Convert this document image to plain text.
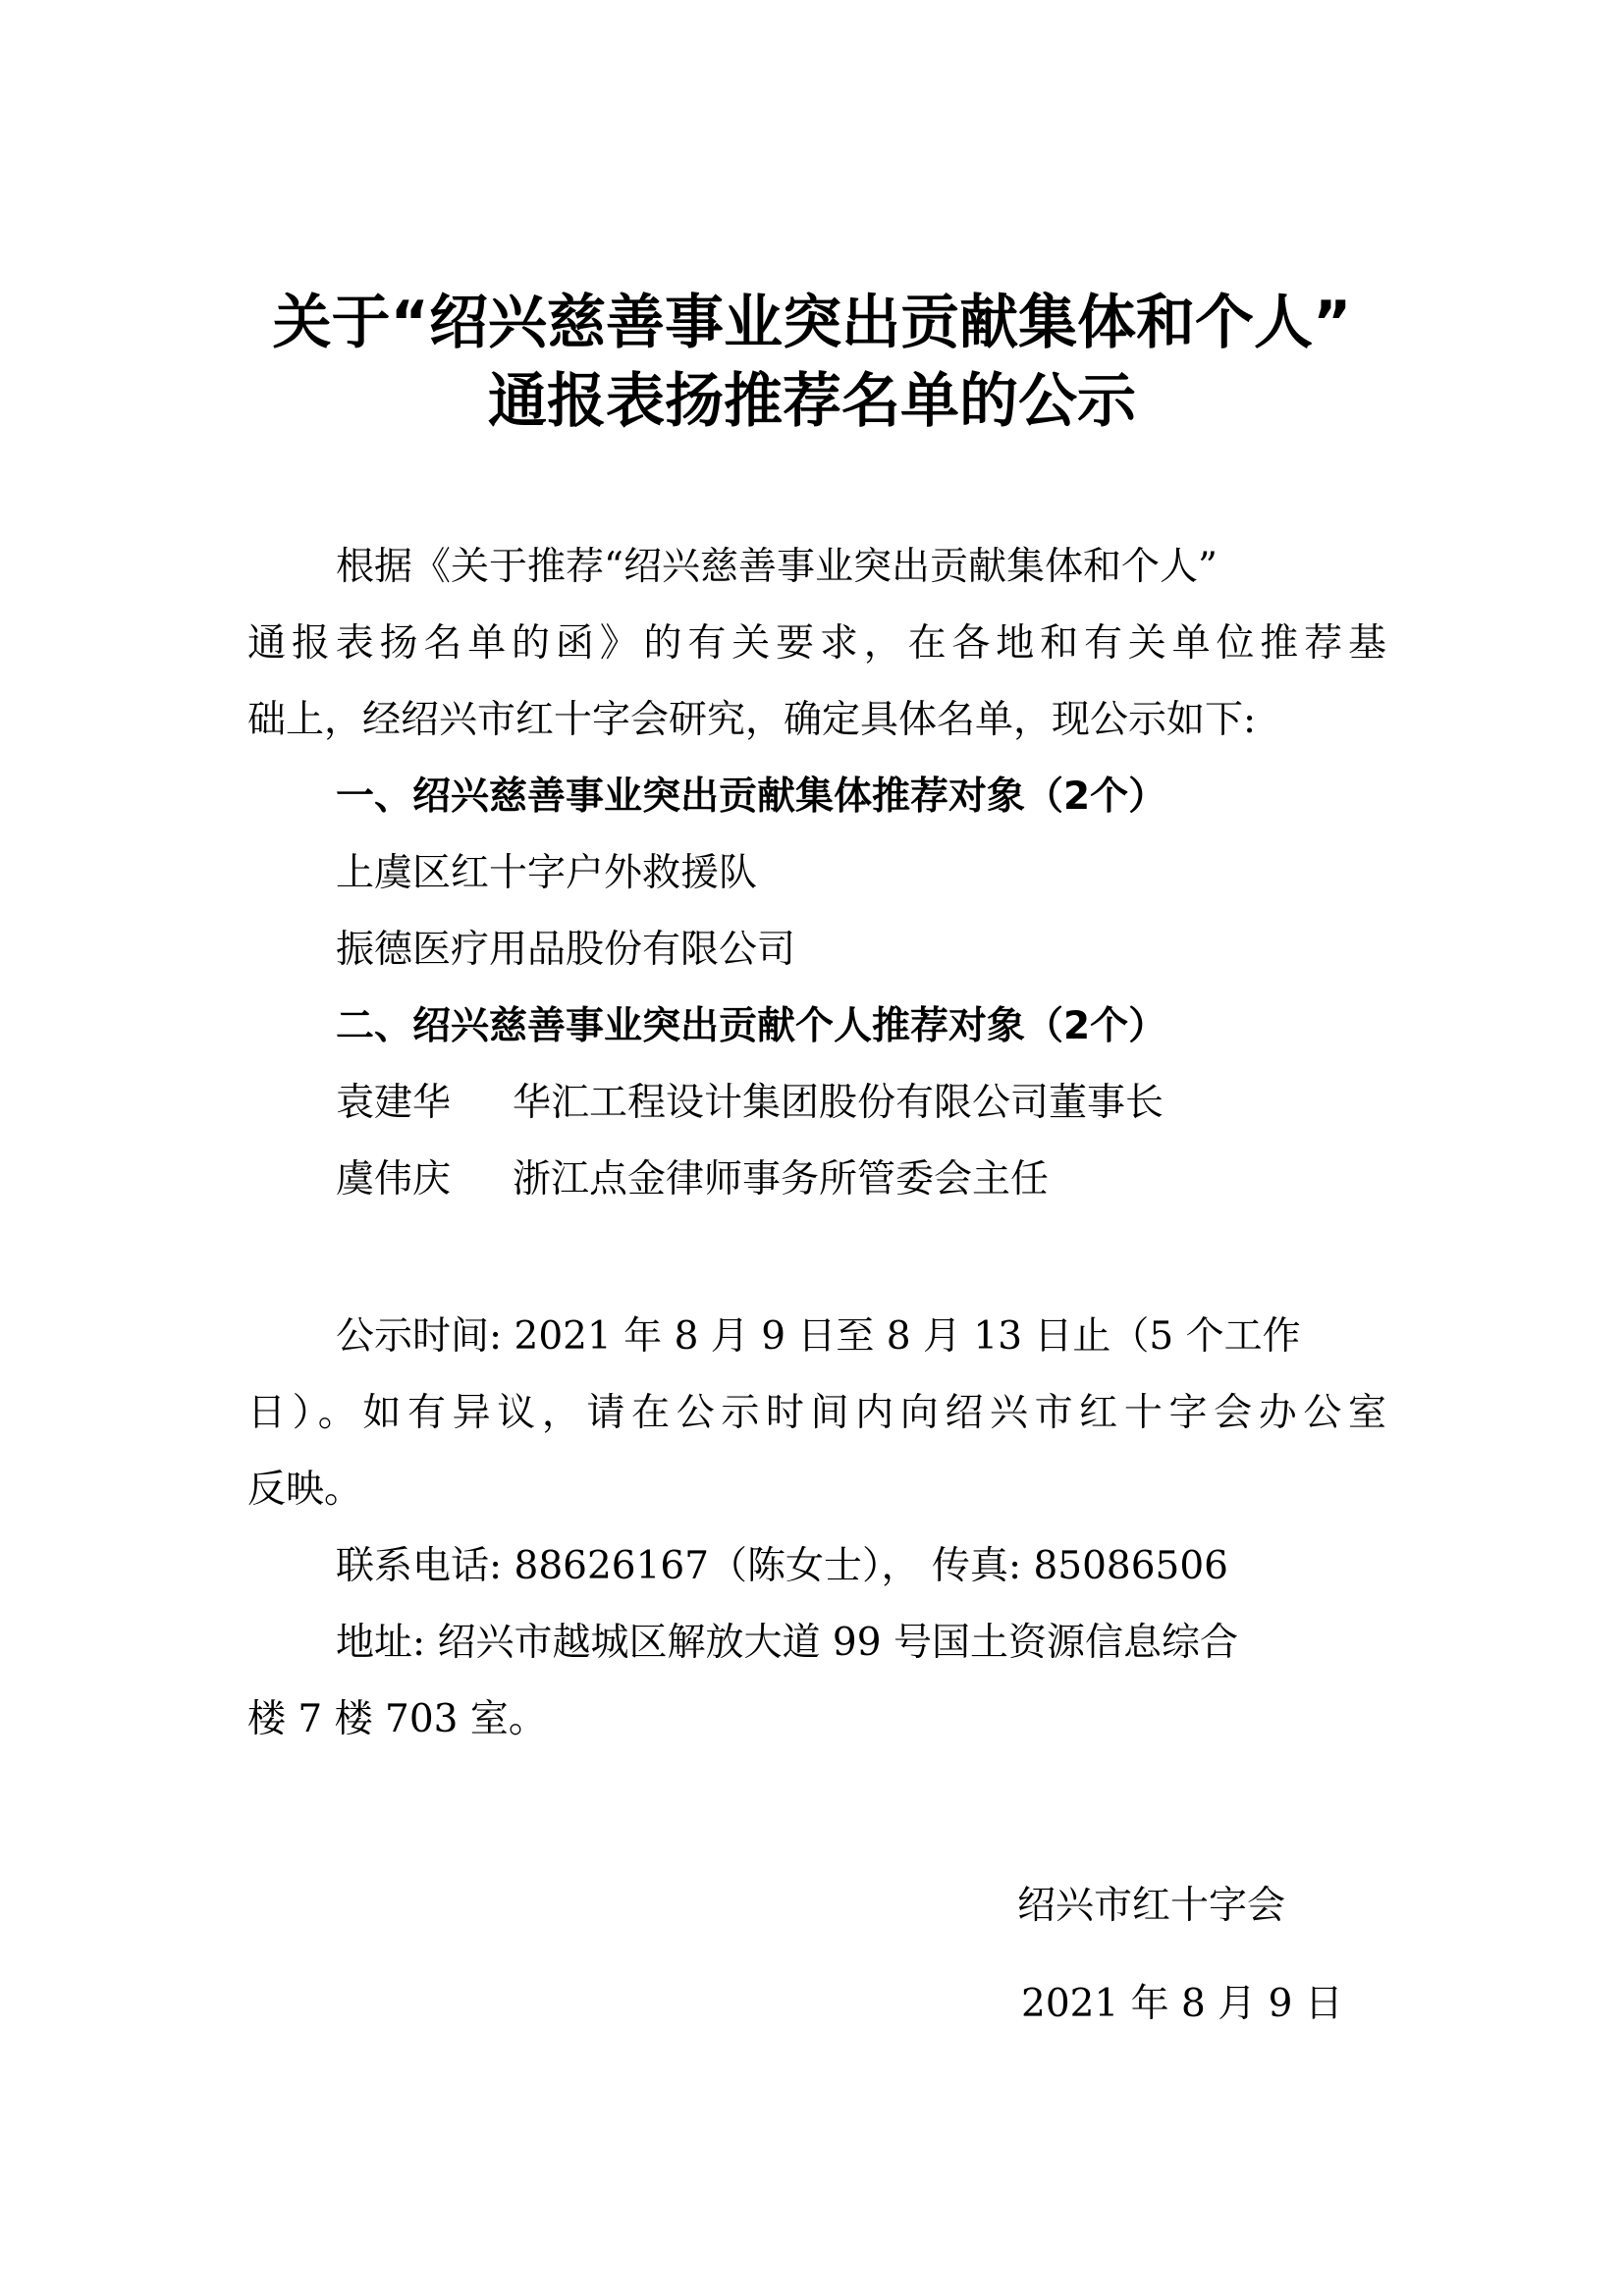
关于“绍兴慈善事业突出贡献集体和个人”
通报表扬推荐名单的公示
根据《关于推荐“绍兴慈善事业突出贡献集体和个人”
通报表扬名单的函》的有关要求，在各地和有关单位推荐基
础上，经绍兴市红十字会研究，确定具体名单，现公示如下:
一、绍兴慈善事业突出贡献集体推荐对象（2个）
上虞区红十字户外救援队
振德医疗用品股份有限公司
二、绍兴慈善事业突出贡献个人推荐对象（2个）
袁建华 华汇工程设计集团股份有限公司董事长
虞伟庆 浙江点金律师事务所管委会主任
公示时间: 2021 年 8 月 9 日至 8 月 13 日止（5 个工作
日）。如有异议，请在公示时间内向绍兴市红十字会办公室
反映。
联系电话: 88626167（陈女士）， 传真: 85086506
地址: 绍兴市越城区解放大道 99 号国土资源信息综合
楼 7 楼 703 室。
绍兴市红十字会
2021 年 8 月 9 日
